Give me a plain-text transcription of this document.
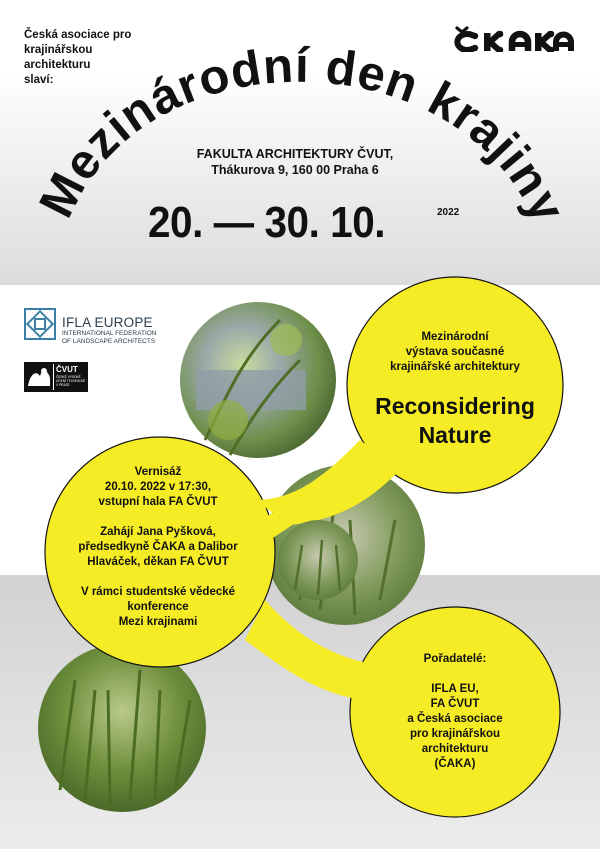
Česká asociace pro
krajinářskou
architekturu
slaví:
Mezinárodní den krajiny
FAKULTA ARCHITEKTURY ČVUT,
Thákurova 9, 160 00 Praha 6
20. — 30. 10.	2022
IFLA EUROPE
INTERNATIONAL FEDERATION
OF LANDSCAPE ARCHITECTS
ČVUT
ČESKÉ VYSOKÉ
UČENÍ TECHNICKÉ
V PRAZE
Mezinárodní
výstava současné
krajinářské architektury
Reconsidering
Nature
Vernisáž
20.10. 2022 v 17:30,
vstupní hala FA ČVUT
Zahájí Jana Pyšková,
předsedkyně ČAKA a Dalibor
Hlaváček, děkan FA ČVUT
V rámci studentské vědecké
konference
Mezi krajinami
Pořadatelé:
IFLA EU,
FA ČVUT
a Česká asociace
pro krajinářskou
architekturu
(ČAKA)
